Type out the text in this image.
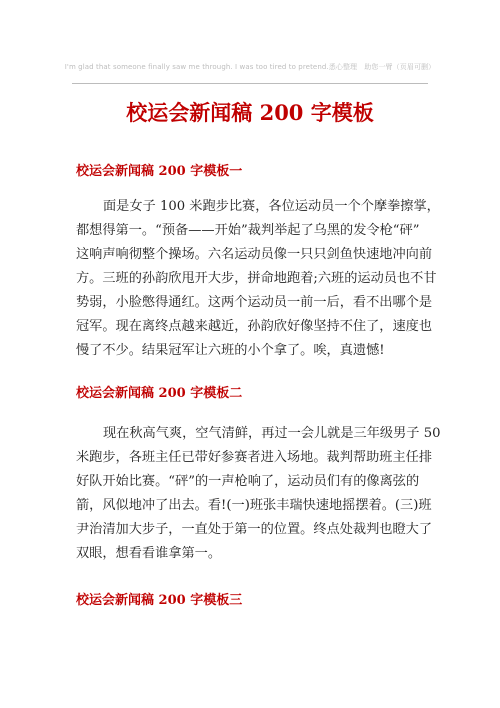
I'm glad that someone finally saw me through. I was too tired to pretend.悉心整理　助您一臂（页眉可删）
校运会新闻稿 200 字模板
校运会新闻稿 200 字模板一
面是女子 100 米跑步比赛，各位运动员一个个摩拳擦掌，
都想得第一。“预备——开始”裁判举起了乌黑的发令枪“砰”
这响声响彻整个操场。六名运动员像一只只剑鱼快速地冲向前
方。三班的孙韵欣甩开大步，拼命地跑着;六班的运动员也不甘
势弱，小脸憋得通红。这两个运动员一前一后，看不出哪个是
冠军。现在离终点越来越近，孙韵欣好像坚持不住了，速度也
慢了不少。结果冠军让六班的小个拿了。唉，真遗憾!
校运会新闻稿 200 字模板二
现在秋高气爽，空气清鲜，再过一会儿就是三年级男子 50
米跑步，各班主任已带好参赛者进入场地。裁判帮助班主任排
好队开始比赛。“砰”的一声枪响了，运动员们有的像离弦的
箭，风似地冲了出去。看!(一)班张丰瑞快速地摇摆着。(三)班
尹治清加大步子，一直处于第一的位置。终点处裁判也瞪大了
双眼，想看看谁拿第一。
校运会新闻稿 200 字模板三
